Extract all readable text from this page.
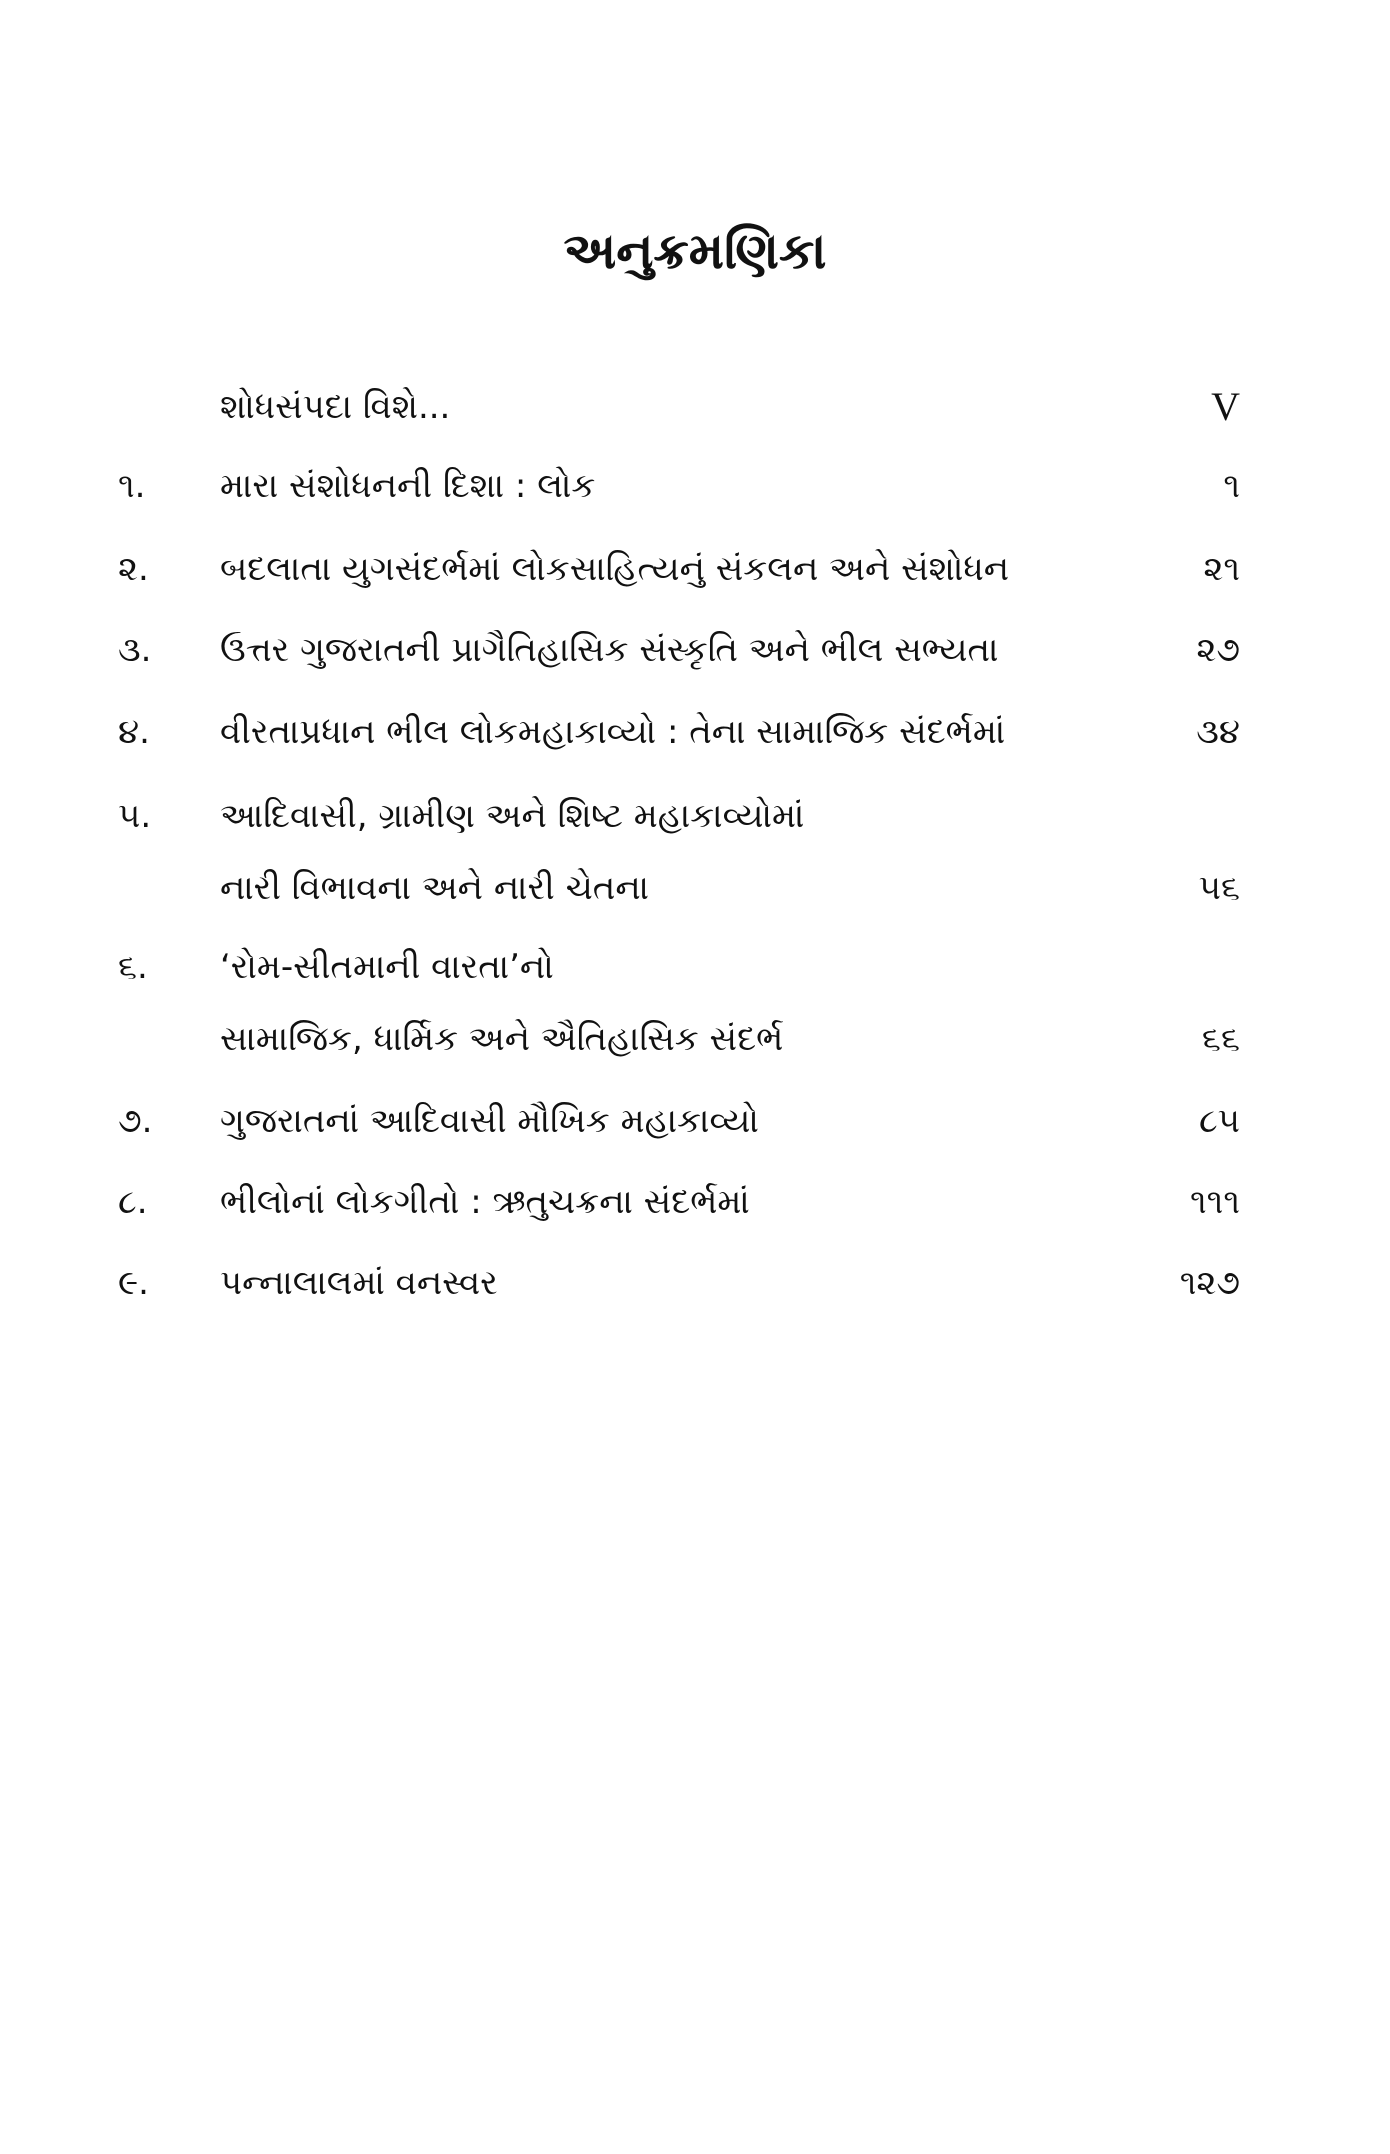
અનુક્રમણિકા
શોધસંપદા વિશે...	V
૧.	મારા સંશોધનની દિશા : લોક	૧
૨.	બદલાતા યુગસંદર્ભમાં લોકસાહિત્યનું સંકલન અને સંશોધન	૨૧
૩.	ઉત્તર ગુજરાતની પ્રાગૈતિહાસિક સંસ્કૃતિ અને ભીલ સભ્યતા	૨૭
૪.	વીરતાપ્રધાન ભીલ લોકમહાકાવ્યો : તેના સામાજિક સંદર્ભમાં	૩૪
૫.	આદિવાસી, ગ્રામીણ અને શિષ્ટ મહાકાવ્યોમાં
નારી વિભાવના અને નારી ચેતના	૫૬
૬.	‘રોમ-સીતમાની વારતા’નો
સામાજિક, ધાર્મિક અને ઐતિહાસિક સંદર્ભ	૬૬
૭.	ગુજરાતનાં આદિવાસી મૌખિક મહાકાવ્યો	૮૫
૮.	ભીલોનાં લોકગીતો : ઋતુચક્રના સંદર્ભમાં	૧૧૧
૯.	પન્નાલાલમાં વનસ્વર	૧૨૭
